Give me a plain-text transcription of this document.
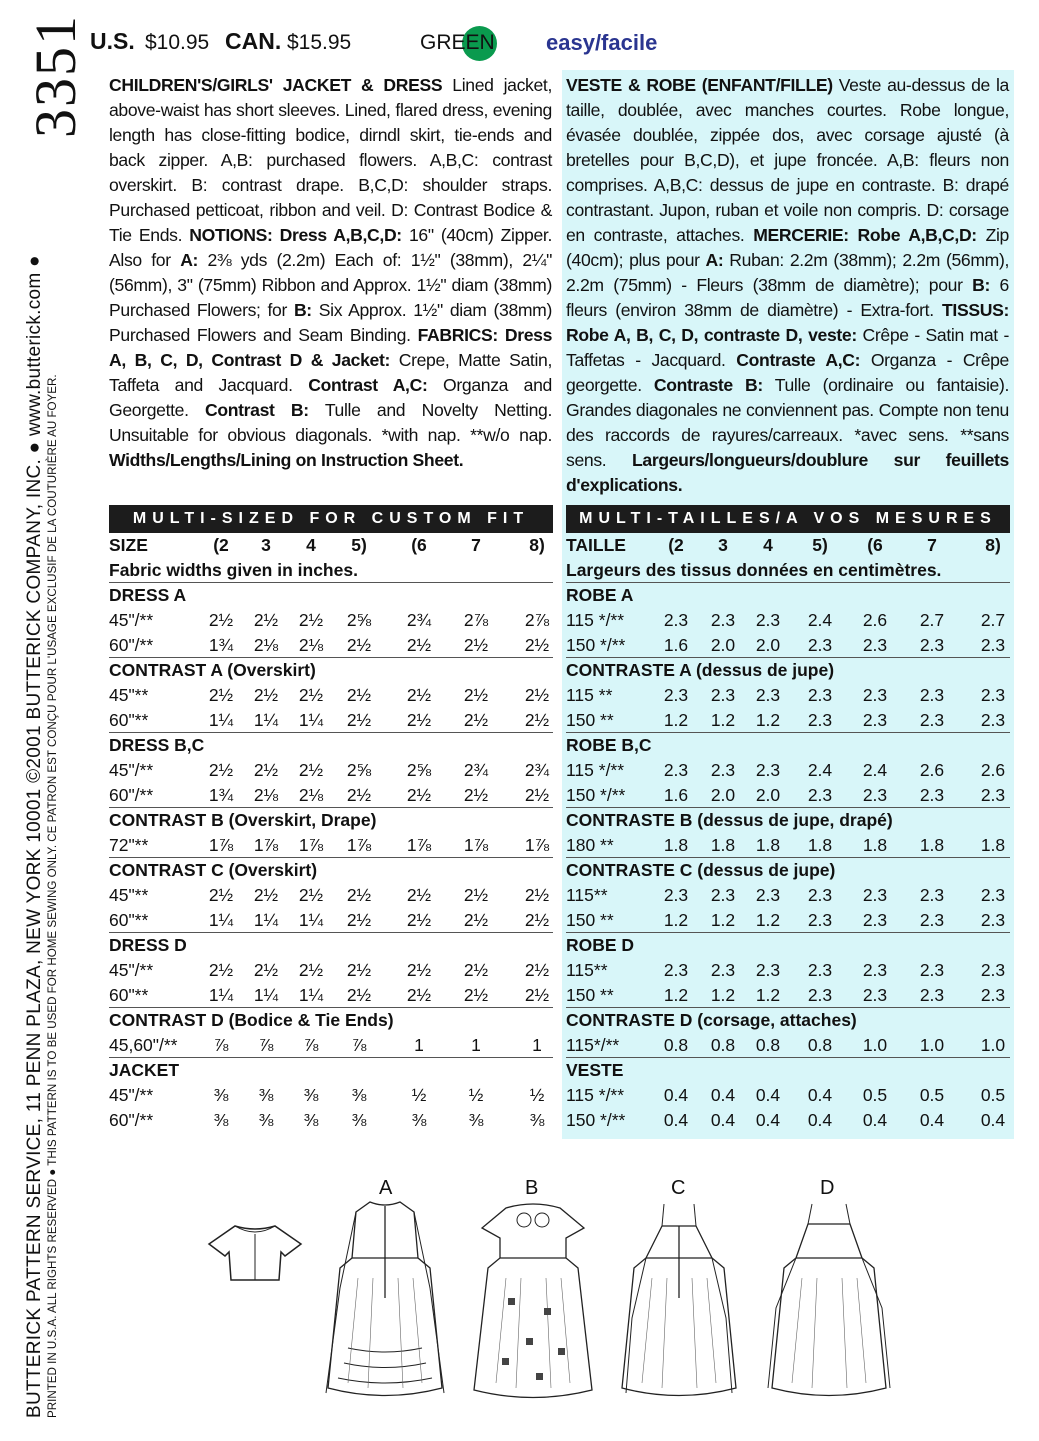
3351
BUTTERICK PATTERN SERVICE, 11 PENN PLAZA, NEW YORK 10001 ©2001 BUTTERICK COMPANY, INC. ● www.butterick.com ● PRINTED IN U.S.A. ALL RIGHTS RESERVED ● THIS PATTERN IS TO BE USED FOR HOME SEWING ONLY. CE PATRON EST CONÇU POUR L'USAGE EXCLUSIF DE LA COUTURIÈRE AU FOYER.
U.S. $10.95 CAN. $15.95	GREEN easy/facile
CHILDREN'S/GIRLS' JACKET & DRESS Lined jacket, above-waist has short sleeves. Lined, flared dress, evening length has close-fitting bodice, dirndl skirt, tie-ends and back zipper. A,B: purchased flowers. A,B,C: contrast overskirt. B: contrast drape. B,C,D: shoulder straps. Purchased petticoat, ribbon and veil. D: Contrast Bodice & Tie Ends. NOTIONS: Dress A,B,C,D: 16" (40cm) Zipper. Also for A: 2⅜ yds (2.2m) Each of: 1½" (38mm), 2¼" (56mm), 3" (75mm) Ribbon and Approx. 1½" diam (38mm) Purchased Flowers; for B: Six Approx. 1½" diam (38mm) Purchased Flowers and Seam Binding. FABRICS: Dress A, B, C, D, Contrast D & Jacket: Crepe, Matte Satin, Taffeta and Jacquard. Contrast A,C: Organza and Georgette. Contrast B: Tulle and Novelty Netting. Unsuitable for obvious diagonals. *with nap. **w/o nap. Widths/Lengths/Lining on Instruction Sheet.
VESTE & ROBE (ENFANT/FILLE) Veste au-dessus de la taille, doublée, avec manches courtes. Robe longue, évasée doublée, zippée dos, avec corsage ajusté (à bretelles pour B,C,D), et jupe froncée. A,B: fleurs non comprises. A,B,C: dessus de jupe en contraste. B: drapé contrastant. Jupon, ruban et voile non compris. D: corsage en contraste, attaches. MERCERIE: Robe A,B,C,D: Zip (40cm); plus pour A: Ruban: 2.2m (38mm); 2.2m (56mm), 2.2m (75mm) - Fleurs (38mm de diamètre); pour B: 6 fleurs (environ 38mm de diamètre) - Extra-fort. TISSUS: Robe A, B, C, D, contraste D, veste: Crêpe - Satin mat - Taffetas - Jacquard. Contraste A,C: Organza - Crêpe georgette. Contraste B: Tulle (ordinaire ou fantaisie). Grandes diagonales ne conviennent pas. Compte non tenu des raccords de rayures/carreaux. *avec sens. **sans sens. Largeurs/longueurs/doublure sur feuillets d'explications.
MULTI-SIZED FOR CUSTOM FIT	MULTI-TAILLES/A VOS MESURES
SIZE	(2	3	4	5)	(6	7	8)
Fabric widths given in inches.
DRESS A
45"/**	2½	2½	2½	2⅝	2¾	2⅞	2⅞
60"/**	1¾	2⅛	2⅛	2½	2½	2½	2½
CONTRAST A (Overskirt)
45"**	2½	2½	2½	2½	2½	2½	2½
60"**	1¼	1¼	1¼	2½	2½	2½	2½
DRESS B,C
45"/**	2½	2½	2½	2⅝	2⅝	2¾	2¾
60"/**	1¾	2⅛	2⅛	2½	2½	2½	2½
CONTRAST B (Overskirt, Drape)
72"**	1⅞	1⅞	1⅞	1⅞	1⅞	1⅞	1⅞
CONTRAST C (Overskirt)
45"**	2½	2½	2½	2½	2½	2½	2½
60"**	1¼	1¼	1¼	2½	2½	2½	2½
DRESS D
45"/**	2½	2½	2½	2½	2½	2½	2½
60"**	1¼	1¼	1¼	2½	2½	2½	2½
CONTRAST D (Bodice & Tie Ends)
45,60"/**	⅞	⅞	⅞	⅞	1	1	1
JACKET
45"/**	⅜	⅜	⅜	⅜	½	½	½
60"/**	⅜	⅜	⅜	⅜	⅜	⅜	⅜
TAILLE	(2	3	4	5)	(6	7	8)
Largeurs des tissus données en centimètres.
ROBE A
115 */**	2.3	2.3	2.3	2.4	2.6	2.7	2.7
150 */**	1.6	2.0	2.0	2.3	2.3	2.3	2.3
CONTRASTE A (dessus de jupe)
115 **	2.3	2.3	2.3	2.3	2.3	2.3	2.3
150 **	1.2	1.2	1.2	2.3	2.3	2.3	2.3
ROBE B,C
115 */**	2.3	2.3	2.3	2.4	2.4	2.6	2.6
150 */**	1.6	2.0	2.0	2.3	2.3	2.3	2.3
CONTRASTE B (dessus de jupe, drapé)
180 **	1.8	1.8	1.8	1.8	1.8	1.8	1.8
CONTRASTE C (dessus de jupe)
115**	2.3	2.3	2.3	2.3	2.3	2.3	2.3
150 **	1.2	1.2	1.2	2.3	2.3	2.3	2.3
ROBE D
115**	2.3	2.3	2.3	2.3	2.3	2.3	2.3
150 **	1.2	1.2	1.2	2.3	2.3	2.3	2.3
CONTRASTE D (corsage, attaches)
115*/**	0.8	0.8	0.8	0.8	1.0	1.0	1.0
VESTE
115 */**	0.4	0.4	0.4	0.4	0.5	0.5	0.5
150 */**	0.4	0.4	0.4	0.4	0.4	0.4	0.4
A	B	C	D
